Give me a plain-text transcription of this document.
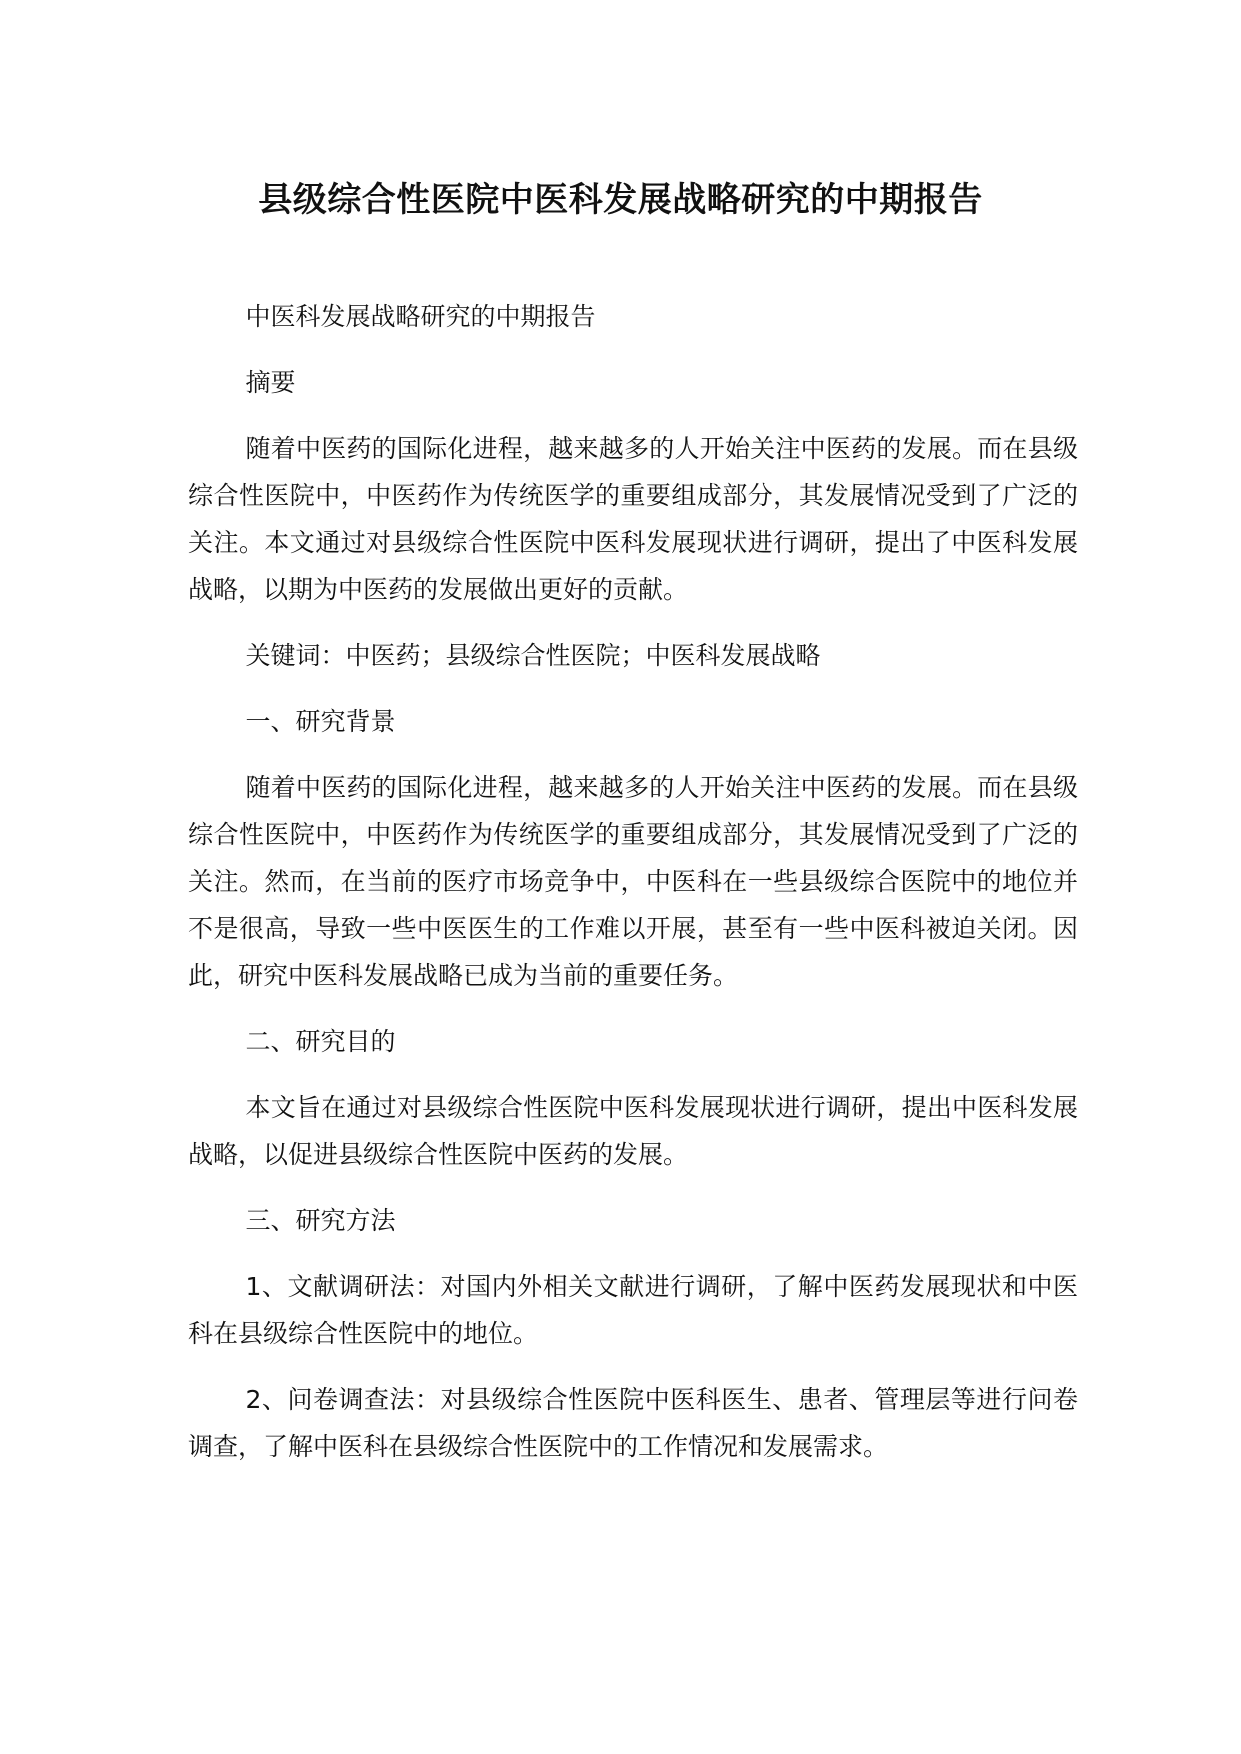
县级综合性医院中医科发展战略研究的中期报告

中医科发展战略研究的中期报告

摘要

随着中医药的国际化进程，越来越多的人开始关注中医药的发展。而在县级综合性医院中，中医药作为传统医学的重要组成部分，其发展情况受到了广泛的关注。本文通过对县级综合性医院中医科发展现状进行调研，提出了中医科发展战略，以期为中医药的发展做出更好的贡献。

关键词：中医药；县级综合性医院；中医科发展战略

一、研究背景

随着中医药的国际化进程，越来越多的人开始关注中医药的发展。而在县级综合性医院中，中医药作为传统医学的重要组成部分，其发展情况受到了广泛的关注。然而，在当前的医疗市场竞争中，中医科在一些县级综合医院中的地位并不是很高，导致一些中医医生的工作难以开展，甚至有一些中医科被迫关闭。因此，研究中医科发展战略已成为当前的重要任务。

二、研究目的

本文旨在通过对县级综合性医院中医科发展现状进行调研，提出中医科发展战略，以促进县级综合性医院中医药的发展。

三、研究方法

1、文献调研法：对国内外相关文献进行调研，了解中医药发展现状和中医科在县级综合性医院中的地位。

2、问卷调查法：对县级综合性医院中医科医生、患者、管理层等进行问卷调查，了解中医科在县级综合性医院中的工作情况和发展需求。
